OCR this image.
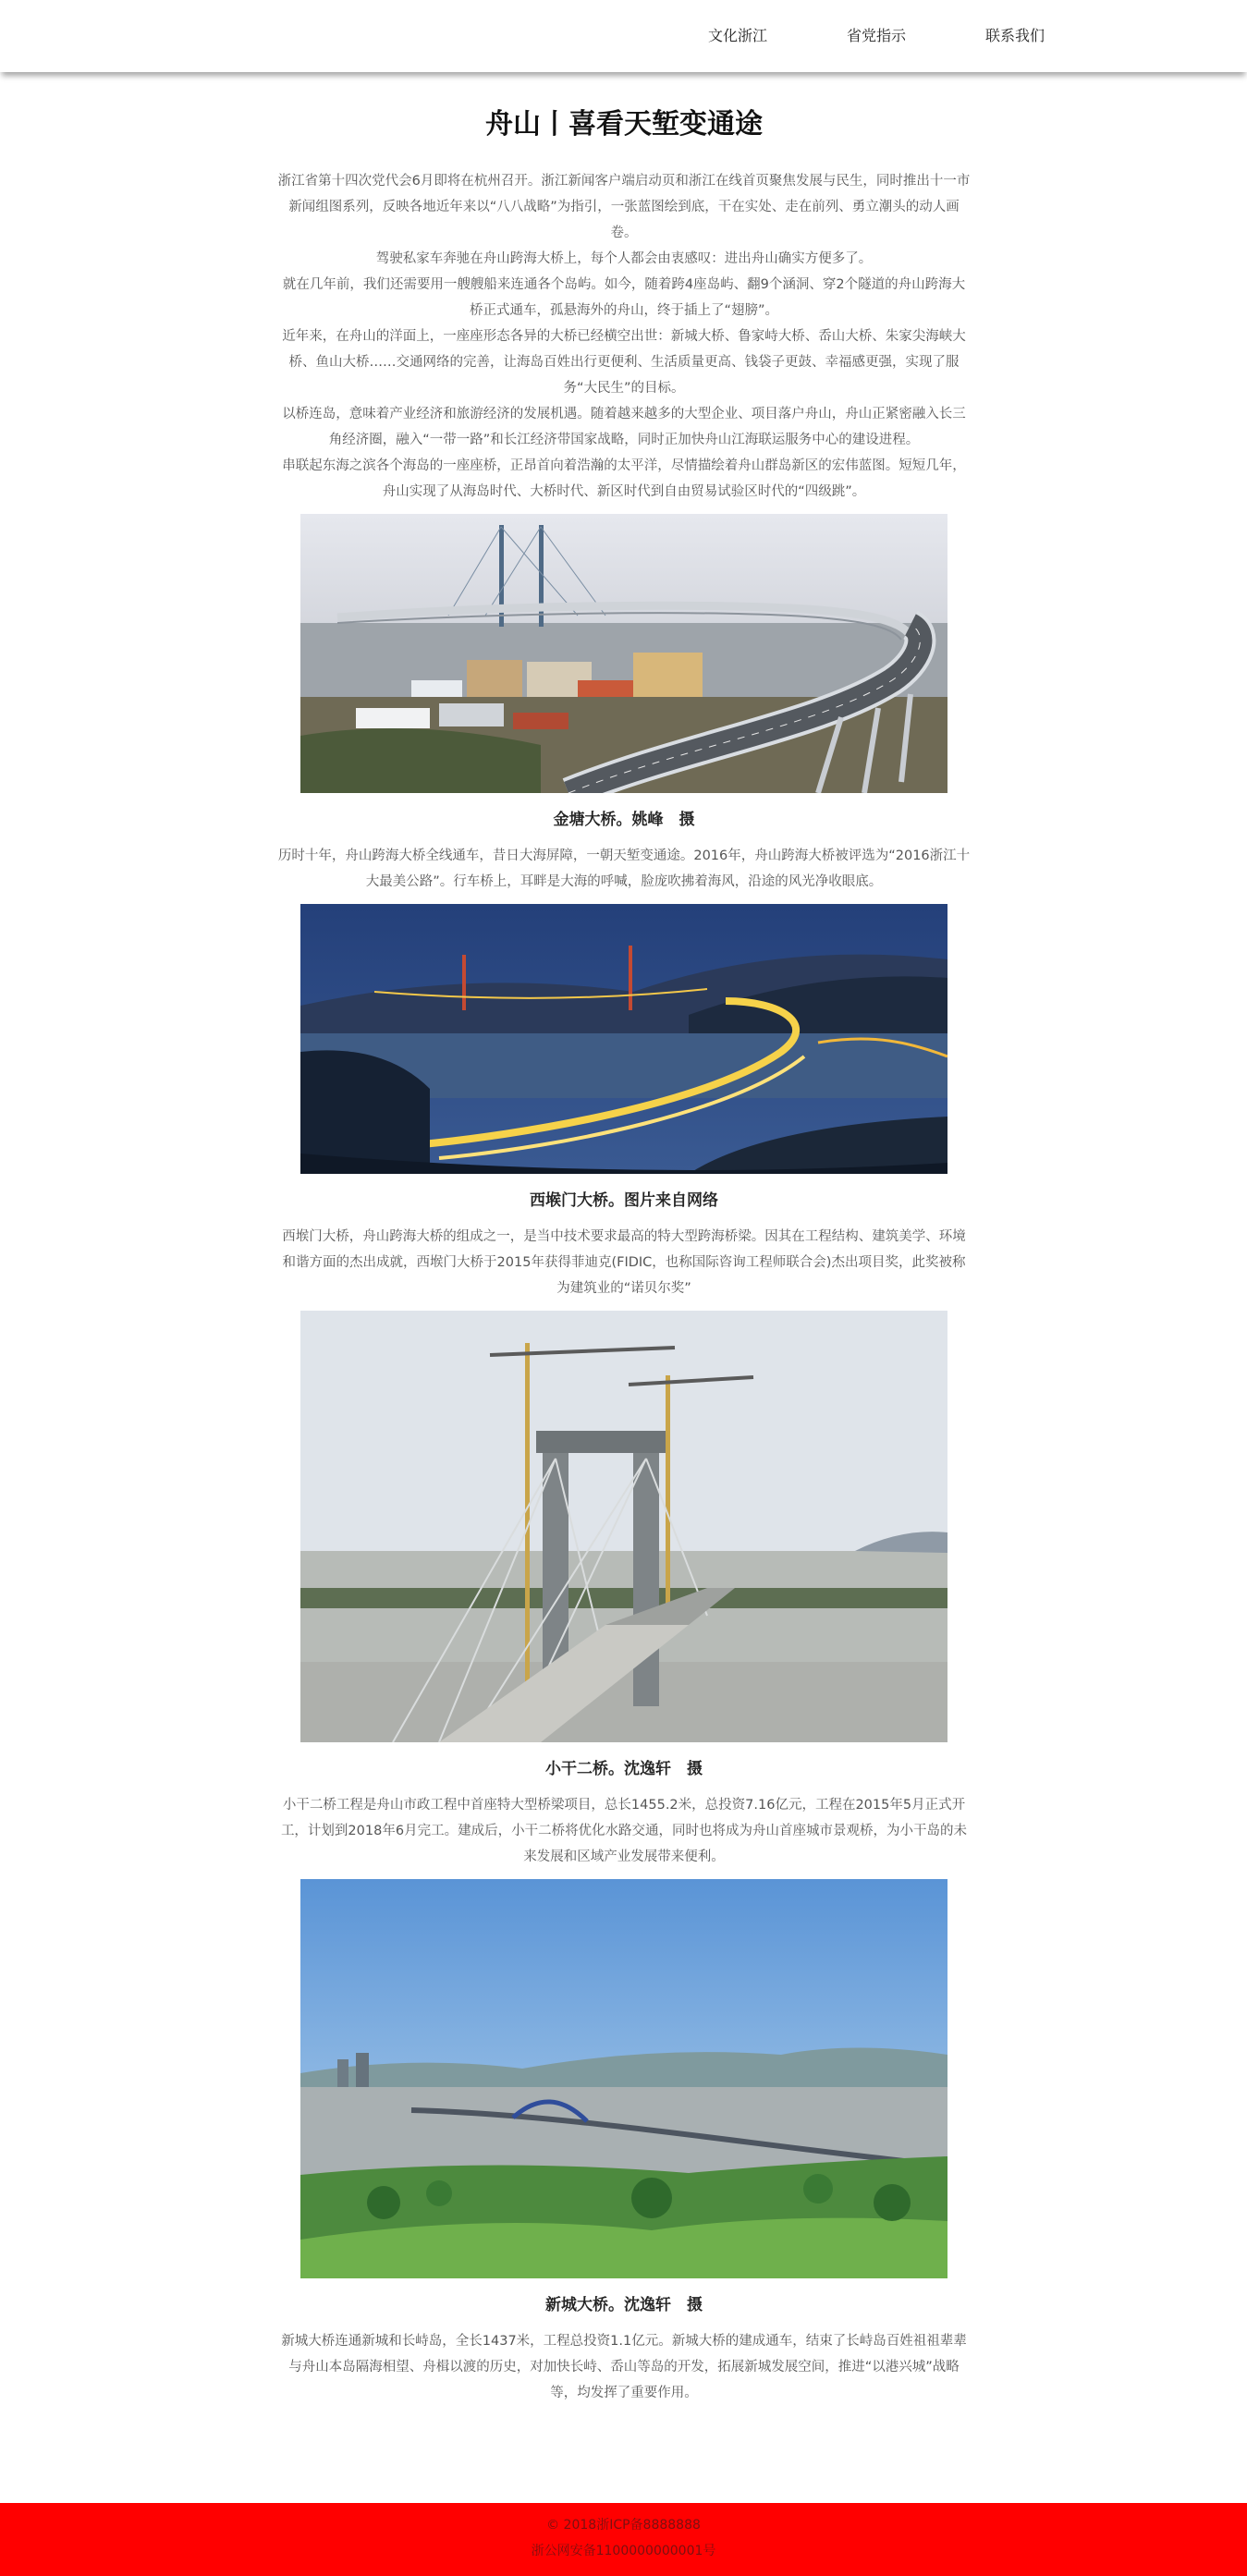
文化浙江	省党指示	联系我们
舟山丨喜看天堑变通途

浙江省第十四次党代会6月即将在杭州召开。浙江新闻客户端启动页和浙江在线首页聚焦发展与民生，同时推出十一市新闻组图系列，反映各地近年来以“八八战略”为指引，一张蓝图绘到底，干在实处、走在前列、勇立潮头的动人画卷。

驾驶私家车奔驰在舟山跨海大桥上，每个人都会由衷感叹：进出舟山确实方便多了。

就在几年前，我们还需要用一艘艘船来连通各个岛屿。如今，随着跨4座岛屿、翻9个涵洞、穿2个隧道的舟山跨海大桥正式通车，孤悬海外的舟山，终于插上了“翅膀”。

近年来，在舟山的洋面上，一座座形态各异的大桥已经横空出世：新城大桥、鲁家峙大桥、岙山大桥、朱家尖海峡大桥、鱼山大桥……交通网络的完善，让海岛百姓出行更便利、生活质量更高、钱袋子更鼓、幸福感更强，实现了服务“大民生”的目标。

以桥连岛，意味着产业经济和旅游经济的发展机遇。随着越来越多的大型企业、项目落户舟山，舟山正紧密融入长三角经济圈，融入“一带一路”和长江经济带国家战略，同时正加快舟山江海联运服务中心的建设进程。

串联起东海之滨各个海岛的一座座桥，正昂首向着浩瀚的太平洋，尽情描绘着舟山群岛新区的宏伟蓝图。短短几年，舟山实现了从海岛时代、大桥时代、新区时代到自由贸易试验区时代的“四级跳”。

金塘大桥。姚峰　摄

历时十年，舟山跨海大桥全线通车，昔日大海屏障，一朝天堑变通途。2016年，舟山跨海大桥被评选为“2016浙江十大最美公路”。行车桥上，耳畔是大海的呼喊，脸庞吹拂着海风，沿途的风光净收眼底。

西堠门大桥。图片来自网络

西堠门大桥，舟山跨海大桥的组成之一，是当中技术要求最高的特大型跨海桥梁。因其在工程结构、建筑美学、环境和谐方面的杰出成就，西堠门大桥于2015年获得菲迪克(FIDIC，也称国际咨询工程师联合会)杰出项目奖，此奖被称为建筑业的“诺贝尔奖”

小干二桥。沈逸轩　摄

小干二桥工程是舟山市政工程中首座特大型桥梁项目，总长1455.2米，总投资7.16亿元，工程在2015年5月正式开工，计划到2018年6月完工。建成后，小干二桥将优化水路交通，同时也将成为舟山首座城市景观桥，为小干岛的未来发展和区域产业发展带来便利。

新城大桥。沈逸轩　摄

新城大桥连通新城和长峙岛，全长1437米，工程总投资1.1亿元。新城大桥的建成通车，结束了长峙岛百姓祖祖辈辈与舟山本岛隔海相望、舟楫以渡的历史，对加快长峙、岙山等岛的开发，拓展新城发展空间，推进“以港兴城”战略等，均发挥了重要作用。

© 2018浙ICP备8888888
浙公网安备1100000000001号
